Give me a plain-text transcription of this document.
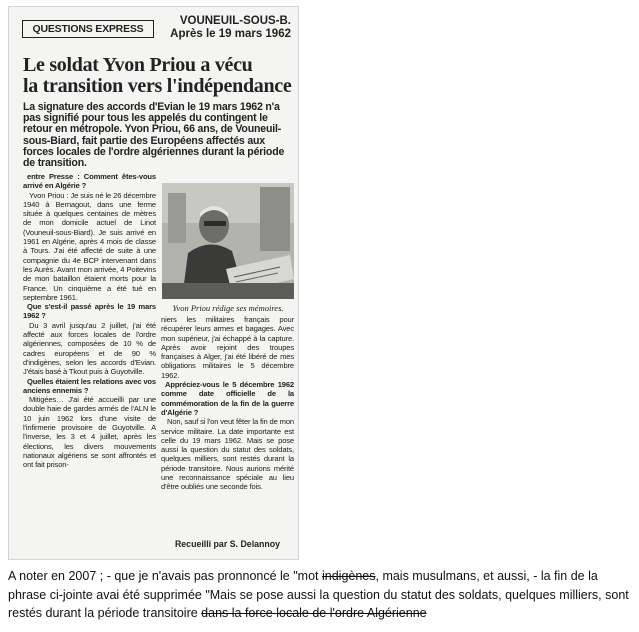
QUESTIONS EXPRESS
VOUNEUIL-SOUS-B.
Après le 19 mars 1962
Le soldat Yvon Priou a vécu
la transition vers l'indépendance

La signature des accords d'Evian le 19 mars 1962 n'a pas signifié pour tous les appelés du contingent le retour en métropole. Yvon Priou, 66 ans, de Vouneuil-sous-Biard, fait partie des Européens affectés aux forces locales de l'ordre algériennes durant la période de transition.

entre Presse : Comment êtes-vous arrivé en Algérie ?

Yvon Priou : Je suis né le 26 décembre 1940 à Bernagout, dans une ferme située à quelques centaines de mètres de mon domicile actuel de Linot (Vouneuil-sous-Biard). Je suis arrivé en 1961 en Algérie, après 4 mois de classe à Tours. J'ai été affecté de suite à une compagnie du 4e BCP intervenant dans les Aurès. Avant mon arrivée, 4 Poitevins de mon bataillon étaient morts pour la France. Un cinquième a été tué en septembre 1961.

Que s'est-il passé après le 19 mars 1962 ?

Du 3 avril jusqu'au 2 juillet, j'ai été affecté aux forces locales de l'ordre algériennes, composées de 10 % de cadres européens et de 90 % d'indigènes, selon les accords d'Evian. J'étais basé à Tkout puis à Guyotville.

Quelles étaient les relations avec vos anciens ennemis ?

Mitigées… J'ai été accueilli par une double haie de gardes armés de l'ALN le 10 juin 1962 lors d'une visite de l'infirmerie provisoire de Guyotville. A l'inverse, les 3 et 4 juillet, après les élections, les divers mouvements nationaux algériens se sont affrontés et ont fait prison-

Yvon Priou rédige ses mémoires.

niers les militaires français pour récupérer leurs armes et bagages. Avec mon supérieur, j'ai échappé à la capture. Après avoir rejoint des troupes françaises à Alger, j'ai été libéré de mes obligations militaires le 5 décembre 1962.

Appréciez-vous le 5 décembre 1962 comme date officielle de la commémoration de la fin de la guerre d'Algérie ?

Non, sauf si l'on veut fêter la fin de mon service militaire. La date importante est celle du 19 mars 1962. Mais se pose aussi la question du statut des soldats, quelques milliers, sont restés durant la période transitoire. Nous aurions mérité une reconnaissance spéciale au lieu d'être oubliés une seconde fois.

Recueilli par S. Delannoy

A noter en 2007 ; - que je n'avais pas pronnoncé le "mot indigènes, mais musulmans, et aussi, - la fin de la phrase ci-jointe avai été supprimée "Mais se pose aussi la question du statut des soldats, quelques milliers, sont restés durant la période transitoire dans la force locale de l'ordre Algérienne
